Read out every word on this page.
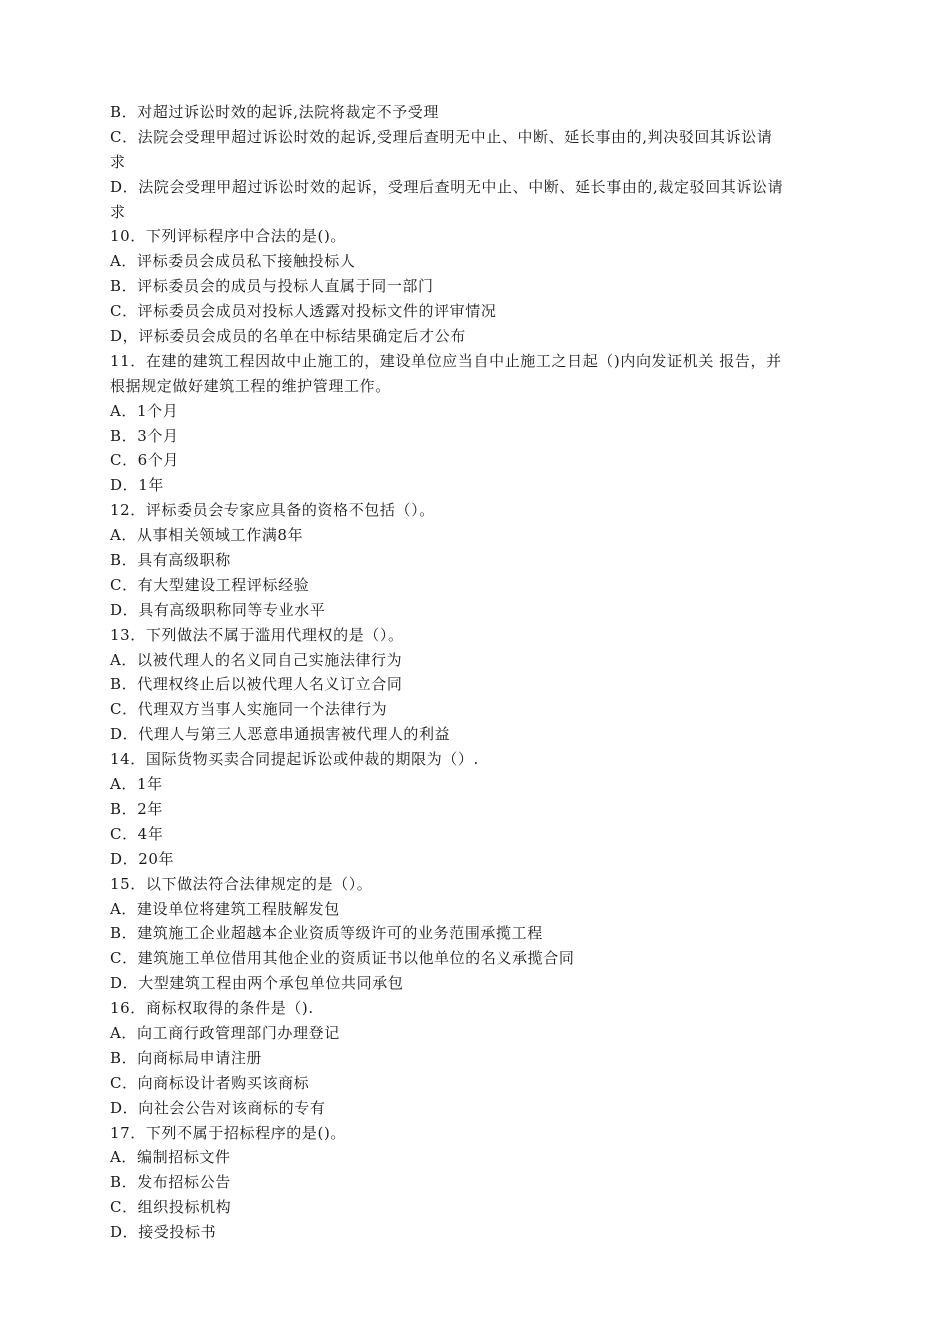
B．对超过诉讼时效的起诉,法院将裁定不予受理
C．法院会受理甲超过诉讼时效的起诉,受理后查明无中止、中断、延长事由的,判决驳回其诉讼请
求
D．法院会受理甲超过诉讼时效的起诉，受理后查明无中止、中断、延长事由的,裁定驳回其诉讼请
求
10．下列评标程序中合法的是()。
A．评标委员会成员私下接触投标人
B．评标委员会的成员与投标人直属于同一部门
C．评标委员会成员对投标人透露对投标文件的评审情况
D，评标委员会成员的名单在中标结果确定后才公布
11．在建的建筑工程因故中止施工的，建设单位应当自中止施工之日起（)内向发证机关 报告，并
根据规定做好建筑工程的维护管理工作。
A．1个月
B．3个月
C．6个月
D．1年
12．评标委员会专家应具备的资格不包括（）。
A．从事相关领域工作满8年
B．具有高级职称
C．有大型建设工程评标经验
D．具有高级职称同等专业水平
13．下列做法不属于滥用代理权的是（）。
A．以被代理人的名义同自己实施法律行为
B．代理权终止后以被代理人名义订立合同
C．代理双方当事人实施同一个法律行为
D．代理人与第三人恶意串通损害被代理人的利益
14．国际货物买卖合同提起诉讼或仲裁的期限为（）.
A．1年
B．2年
C．4年
D．20年
15．以下做法符合法律规定的是（）。
A．建设单位将建筑工程肢解发包
B．建筑施工企业超越本企业资质等级许可的业务范围承揽工程
C．建筑施工单位借用其他企业的资质证书以他单位的名义承揽合同
D．大型建筑工程由两个承包单位共同承包
16．商标权取得的条件是（).
A．向工商行政管理部门办理登记
B．向商标局申请注册
C．向商标设计者购买该商标
D．向社会公告对该商标的专有
17．下列不属于招标程序的是()。
A．编制招标文件
B．发布招标公告
C．组织投标机构
D．接受投标书
